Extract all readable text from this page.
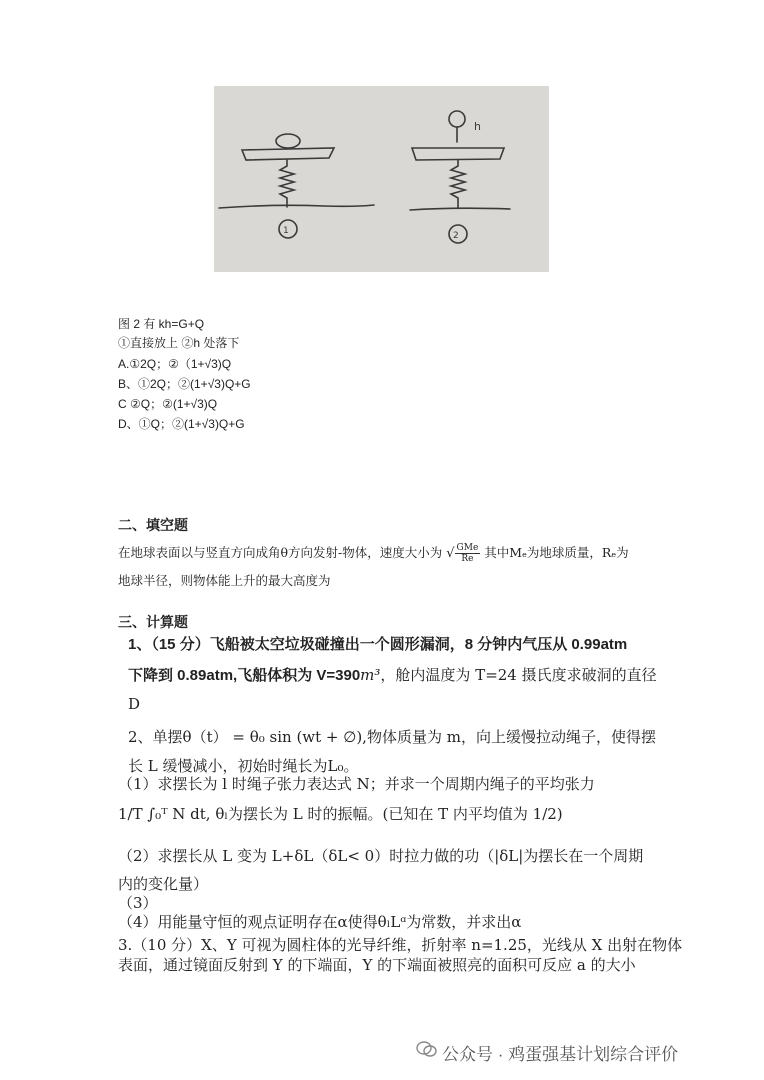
h
1	2
图 2 有 kh=G+Q
①直接放上 ②h 处落下
A.①2Q；②（1+√3)Q
B、①2Q；②(1+√3)Q+G
C ②Q；②(1+√3)Q
D、①Q；②(1+√3)Q+G
二、填空题
在地球表面以与竖直方向成角θ方向发射-物体，速度大小为 √ $\frac{\text{GMe}}{Re}$ 其中Mₑ为地球质量，Rₑ为
地球半径，则物体能上升的最大高度为
三、计算题
1、（15 分）飞船被太空垃圾碰撞出一个圆形漏洞，8 分钟内气压从 0.99atm
下降到 0.89atm,飞船体积为 V=390m³，舱内温度为 T=24 摄氏度求破洞的直径
D
2、单摆θ（t） = θ₀ sin (wt + ∅),物体质量为 m，向上缓慢拉动绳子，使得摆
长 L 缓慢减小，初始时绳长为L₀。
（1）求摆长为 l 时绳子张力表达式 N；并求一个周期内绳子的平均张力
1/T ∫₀ᵀ N dt, θₗ为摆长为 L 时的振幅。(已知在 T 内平均值为 1/2)
（2）求摆长从 L 变为 L+δL（δL< 0）时拉力做的功（|δL|为摆长在一个周期
内的变化量）
（3）
（4）用能量守恒的观点证明存在α使得θₗLᵅ为常数，并求出α
3.（10 分）X、Y 可视为圆柱体的光导纤维，折射率 n=1.25，光线从 X 出射在物体
表面，通过镜面反射到 Y 的下端面，Y 的下端面被照亮的面积可反应 a 的大小
公众号 · 鸡蛋强基计划综合评价
